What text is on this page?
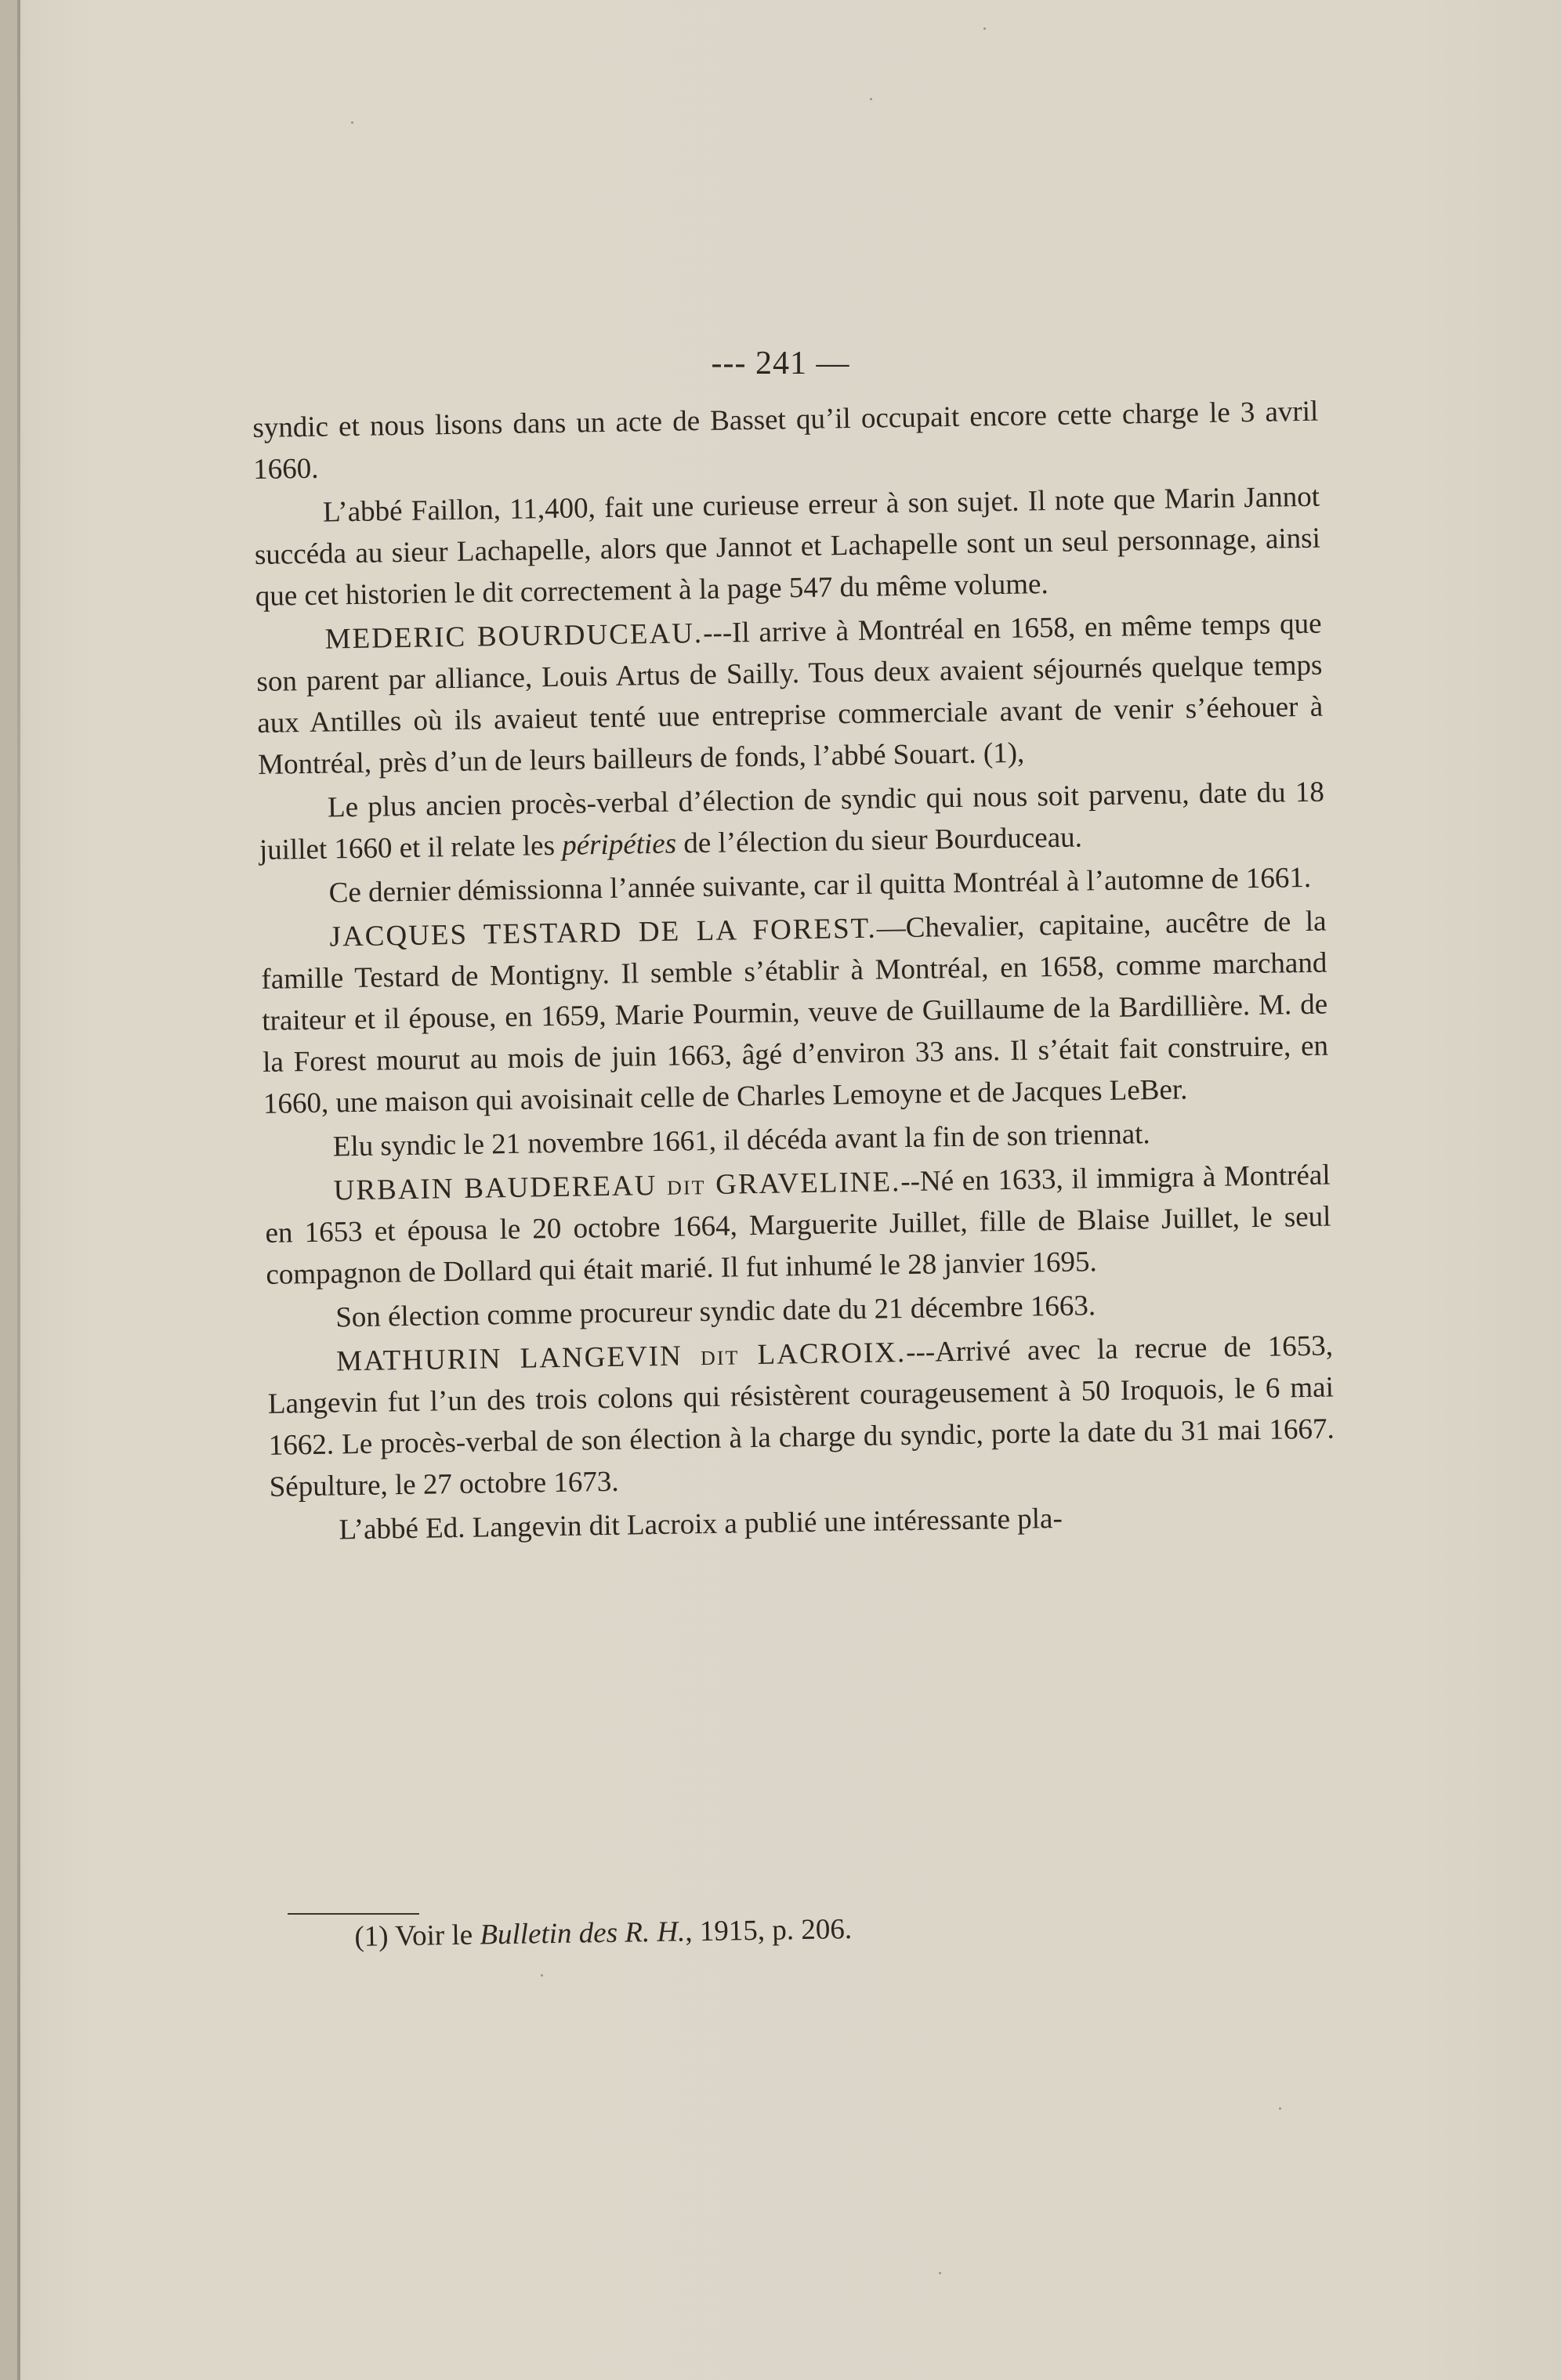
--- 241 —

syndic et nous lisons dans un acte de Basset qu’il occupait encore cette charge le 3 avril 1660.

L’abbé Faillon, 11,400, fait une curieuse erreur à son sujet. Il note que Marin Jannot succéda au sieur Lachapelle, alors que Jannot et Lachapelle sont un seul personnage, ainsi que cet historien le dit correctement à la page 547 du même volume.

MEDERIC BOURDUCEAU.---Il arrive à Montréal en 1658, en même temps que son parent par alliance, Louis Artus de Sailly. Tous deux avaient séjournés quelque temps aux Antilles où ils avaieut tenté uue entreprise commerciale avant de venir s’éehouer à Montréal, près d’un de leurs bailleurs de fonds, l’abbé Souart. (1),

Le plus ancien procès-verbal d’élection de syndic qui nous soit parvenu, date du 18 juillet 1660 et il relate les péripéties de l’élection du sieur Bourduceau.

Ce dernier démissionna l’année suivante, car il quitta Montréal à l’automne de 1661.

JACQUES TESTARD DE LA FOREST.—Chevalier, capitaine, aucêtre de la famille Testard de Montigny. Il semble s’établir à Montréal, en 1658, comme marchand traiteur et il épouse, en 1659, Marie Pourmin, veuve de Guillaume de la Bardillière. M. de la Forest mourut au mois de juin 1663, âgé d’environ 33 ans. Il s’était fait construire, en 1660, une maison qui avoisinait celle de Charles Lemoyne et de Jacques LeBer.

Elu syndic le 21 novembre 1661, il décéda avant la fin de son triennat.

URBAIN BAUDEREAU dit GRAVELINE.--Né en 1633, il immigra à Montréal en 1653 et épousa le 20 octobre 1664, Marguerite Juillet, fille de Blaise Juillet, le seul compagnon de Dollard qui était marié. Il fut inhumé le 28 janvier 1695.

Son élection comme procureur syndic date du 21 décembre 1663.

MATHURIN LANGEVIN dit LACROIX.---Arrivé avec la recrue de 1653, Langevin fut l’un des trois colons qui résistèrent courageusement à 50 Iroquois, le 6 mai 1662. Le procès-verbal de son élection à la charge du syndic, porte la date du 31 mai 1667. Sépulture, le 27 octobre 1673.

L’abbé Ed. Langevin dit Lacroix a publié une intéressante pla-

(1) Voir le Bulletin des R. H., 1915, p. 206.
